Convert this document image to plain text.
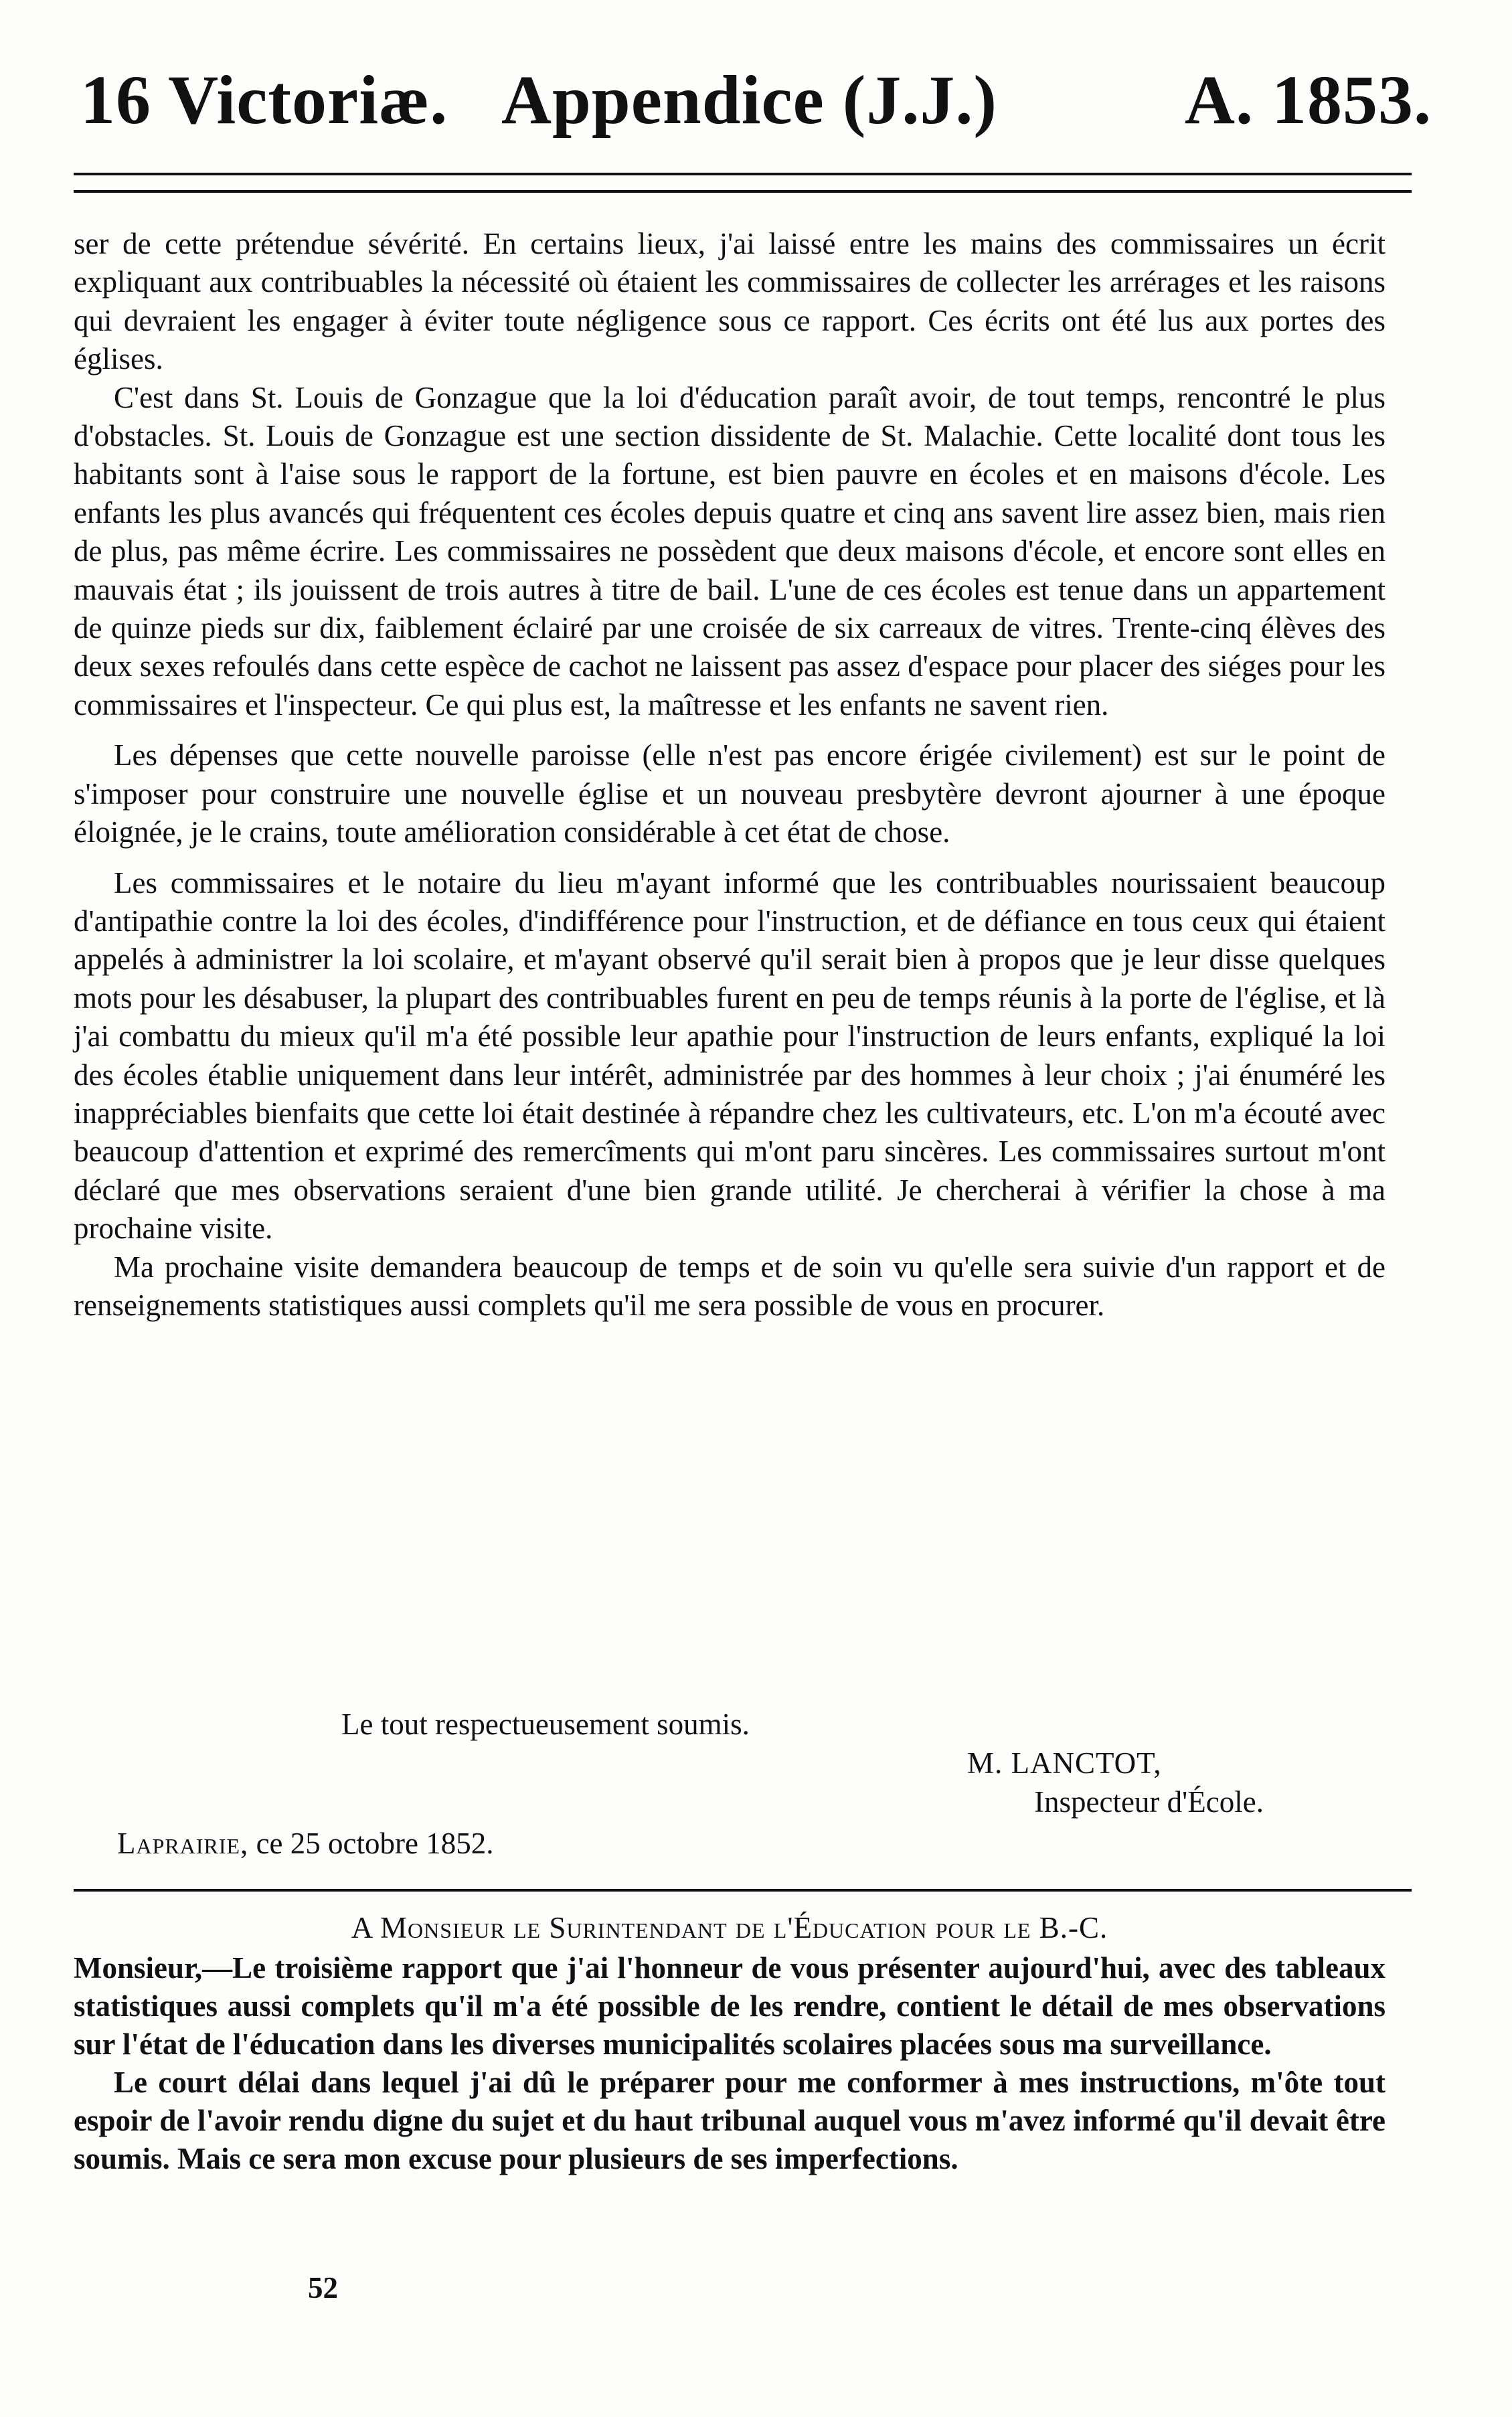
16 Victoriæ. Appendice (J.J.)	A. 1853.

ser de cette prétendue sévérité. En certains lieux, j'ai laissé entre les mains des commissaires un écrit expliquant aux contribuables la nécessité où étaient les commissaires de collecter les arrérages et les raisons qui devraient les engager à éviter toute négligence sous ce rapport. Ces écrits ont été lus aux portes des églises.

C'est dans St. Louis de Gonzague que la loi d'éducation paraît avoir, de tout temps, rencontré le plus d'obstacles. St. Louis de Gonzague est une section dissidente de St. Malachie. Cette localité dont tous les habitants sont à l'aise sous le rapport de la fortune, est bien pauvre en écoles et en maisons d'école. Les enfants les plus avancés qui fréquentent ces écoles depuis quatre et cinq ans savent lire assez bien, mais rien de plus, pas même écrire. Les commissaires ne possèdent que deux maisons d'école, et encore sont elles en mauvais état ; ils jouissent de trois autres à titre de bail. L'une de ces écoles est tenue dans un appartement de quinze pieds sur dix, faiblement éclairé par une croisée de six carreaux de vitres. Trente-cinq élèves des deux sexes refoulés dans cette espèce de cachot ne laissent pas assez d'espace pour placer des siéges pour les commissaires et l'inspecteur. Ce qui plus est, la maîtresse et les enfants ne savent rien.

Les dépenses que cette nouvelle paroisse (elle n'est pas encore érigée civilement) est sur le point de s'imposer pour construire une nouvelle église et un nouveau presbytère devront ajourner à une époque éloignée, je le crains, toute amélioration considérable à cet état de chose.

Les commissaires et le notaire du lieu m'ayant informé que les contribuables nourissaient beaucoup d'antipathie contre la loi des écoles, d'indifférence pour l'instruction, et de défiance en tous ceux qui étaient appelés à administrer la loi scolaire, et m'ayant observé qu'il serait bien à propos que je leur disse quelques mots pour les désabuser, la plupart des contribuables furent en peu de temps réunis à la porte de l'église, et là j'ai combattu du mieux qu'il m'a été possible leur apathie pour l'instruction de leurs enfants, expliqué la loi des écoles établie uniquement dans leur intérêt, administrée par des hommes à leur choix ; j'ai énuméré les inappréciables bienfaits que cette loi était destinée à répandre chez les cultivateurs, etc. L'on m'a écouté avec beaucoup d'attention et exprimé des remercîments qui m'ont paru sincères. Les commissaires surtout m'ont déclaré que mes observations seraient d'une bien grande utilité. Je chercherai à vérifier la chose à ma prochaine visite.

Ma prochaine visite demandera beaucoup de temps et de soin vu qu'elle sera suivie d'un rapport et de renseignements statistiques aussi complets qu'il me sera possible de vous en procurer.

Le tout respectueusement soumis.
M. LANCTOT,
Inspecteur d'École.
Laprairie, ce 25 octobre 1852.
A Monsieur le Surintendant de l'Éducation pour le B.-C.

Monsieur,—Le troisième rapport que j'ai l'honneur de vous présenter aujourd'hui, avec des tableaux statistiques aussi complets qu'il m'a été possible de les rendre, contient le détail de mes observations sur l'état de l'éducation dans les diverses municipalités scolaires placées sous ma surveillance.

Le court délai dans lequel j'ai dû le préparer pour me conformer à mes instructions, m'ôte tout espoir de l'avoir rendu digne du sujet et du haut tribunal auquel vous m'avez informé qu'il devait être soumis. Mais ce sera mon excuse pour plusieurs de ses imperfections.

52
